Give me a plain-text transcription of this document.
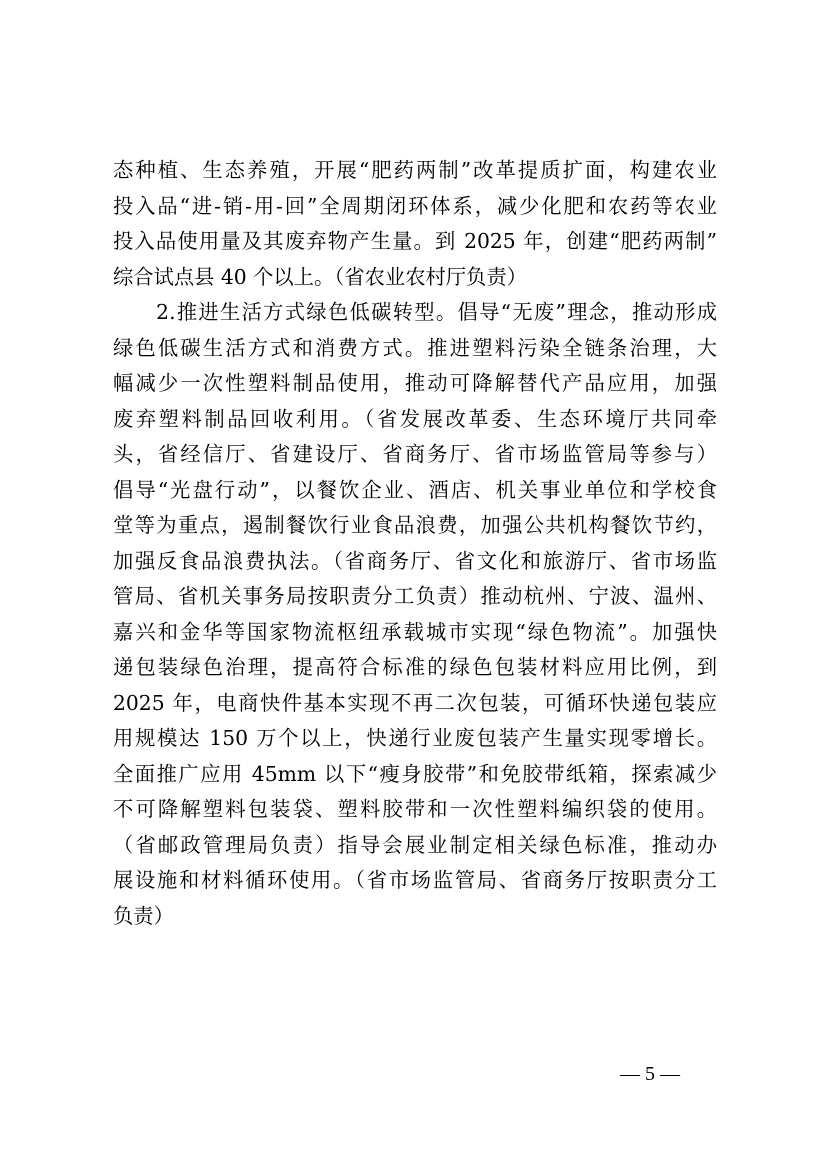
态种植、生态养殖，开展“肥药两制”改革提质扩面，构建农业
投入品“进-销-用-回”全周期闭环体系，减少化肥和农药等农业
投入品使用量及其废弃物产生量。到 2025 年，创建“肥药两制”
综合试点县 40 个以上。（省农业农村厅负责）
　　2.推进生活方式绿色低碳转型。倡导“无废”理念，推动形成
绿色低碳生活方式和消费方式。推进塑料污染全链条治理，大
幅减少一次性塑料制品使用，推动可降解替代产品应用，加强
废弃塑料制品回收利用。（省发展改革委、生态环境厅共同牵
头，省经信厅、省建设厅、省商务厅、省市场监管局等参与）
倡导“光盘行动”，以餐饮企业、酒店、机关事业单位和学校食
堂等为重点，遏制餐饮行业食品浪费，加强公共机构餐饮节约，
加强反食品浪费执法。（省商务厅、省文化和旅游厅、省市场监
管局、省机关事务局按职责分工负责）推动杭州、宁波、温州、
嘉兴和金华等国家物流枢纽承载城市实现“绿色物流”。加强快
递包装绿色治理，提高符合标准的绿色包装材料应用比例，到
2025 年，电商快件基本实现不再二次包装，可循环快递包装应
用规模达 150 万个以上，快递行业废包装产生量实现零增长。
全面推广应用 45mm 以下“瘦身胶带”和免胶带纸箱，探索减少
不可降解塑料包装袋、塑料胶带和一次性塑料编织袋的使用。
（省邮政管理局负责）指导会展业制定相关绿色标准，推动办
展设施和材料循环使用。（省市场监管局、省商务厅按职责分工
负责）
— 5 —
